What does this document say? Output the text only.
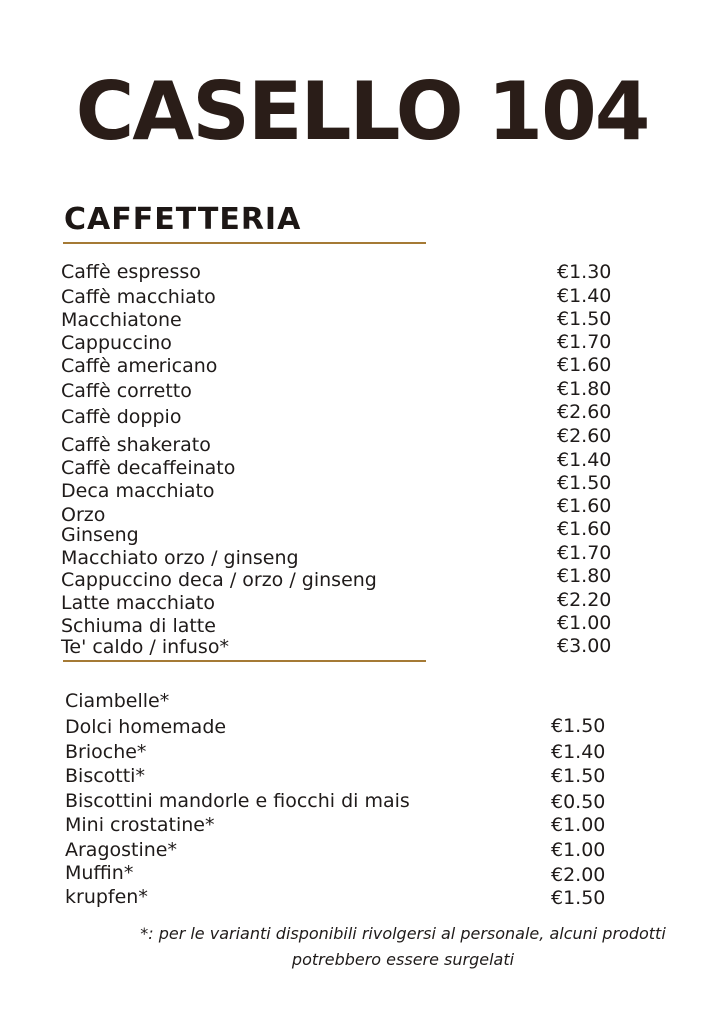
CASELLO 104
CAFFETTERIA
Caffè espresso	€1.30
Caffè macchiato	€1.40
Macchiatone	€1.50
Cappuccino	€1.70
Caffè americano	€1.60
Caffè corretto	€1.80
Caffè doppio	€2.60
Caffè shakerato	€2.60
Caffè decaffeinato	€1.40
Deca macchiato	€1.50
Orzo	€1.60
Ginseng	€1.60
Macchiato orzo / ginseng	€1.70
Cappuccino deca / orzo / ginseng	€1.80
Latte macchiato	€2.20
Schiuma di latte	€1.00
Te' caldo / infuso*	€3.00
Ciambelle*
Dolci homemade	€1.50
Brioche*	€1.40
Biscotti*	€1.50
Biscottini mandorle e fiocchi di mais	€0.50
Mini crostatine*	€1.00
Aragostine*	€1.00
Muffin*	€2.00
krupfen*	€1.50
*: per le varianti disponibili rivolgersi al personale, alcuni prodotti potrebbero essere surgelati
